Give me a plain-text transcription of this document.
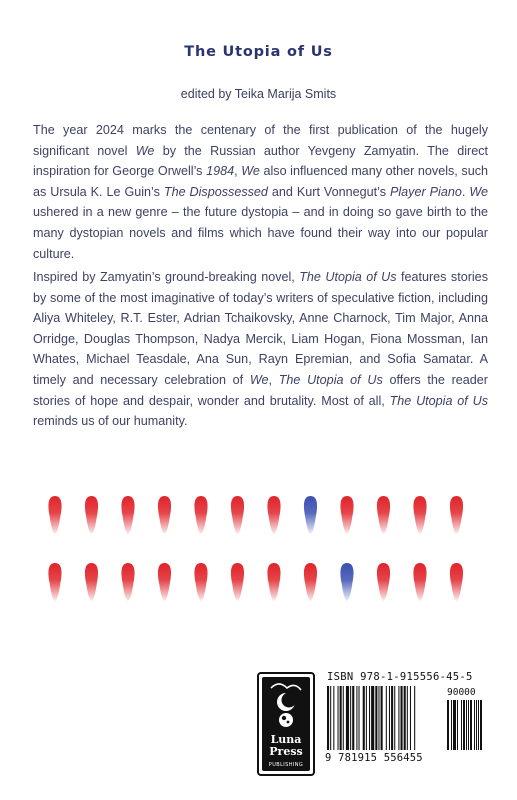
The Utopia of Us
edited by Teika Marija Smits

The year 2024 marks the centenary of the first publication of the hugely significant novel We by the Russian author Yevgeny Zamyatin. The direct inspiration for George Orwell’s 1984, We also influenced many other novels, such as Ursula K. Le Guin’s The Dispossessed and Kurt Vonnegut’s Player Piano. We ushered in a new genre – the future dystopia – and in doing so gave birth to the many dystopian novels and films which have found their way into our popular culture.

Inspired by Zamyatin’s ground-breaking novel, The Utopia of Us features stories by some of the most imaginative of today’s writers of speculative fiction, including Aliya Whiteley, R.T. Ester, Adrian Tchaikovsky, Anne Charnock, Tim Major, Anna Orridge, Douglas Thompson, Nadya Mercik, Liam Hogan, Fiona Mossman, Ian Whates, Michael Teasdale, Ana Sun, Rayn Epremian, and Sofia Samatar. A timely and necessary celebration of We, The Utopia of Us offers the reader stories of hope and despair, wonder and brutality. Most of all, The Utopia of Us reminds us of our humanity.

Luna
Press
PUBLISHING
ISBN 978-1-915556-45-5
90000
9 781915 556455
